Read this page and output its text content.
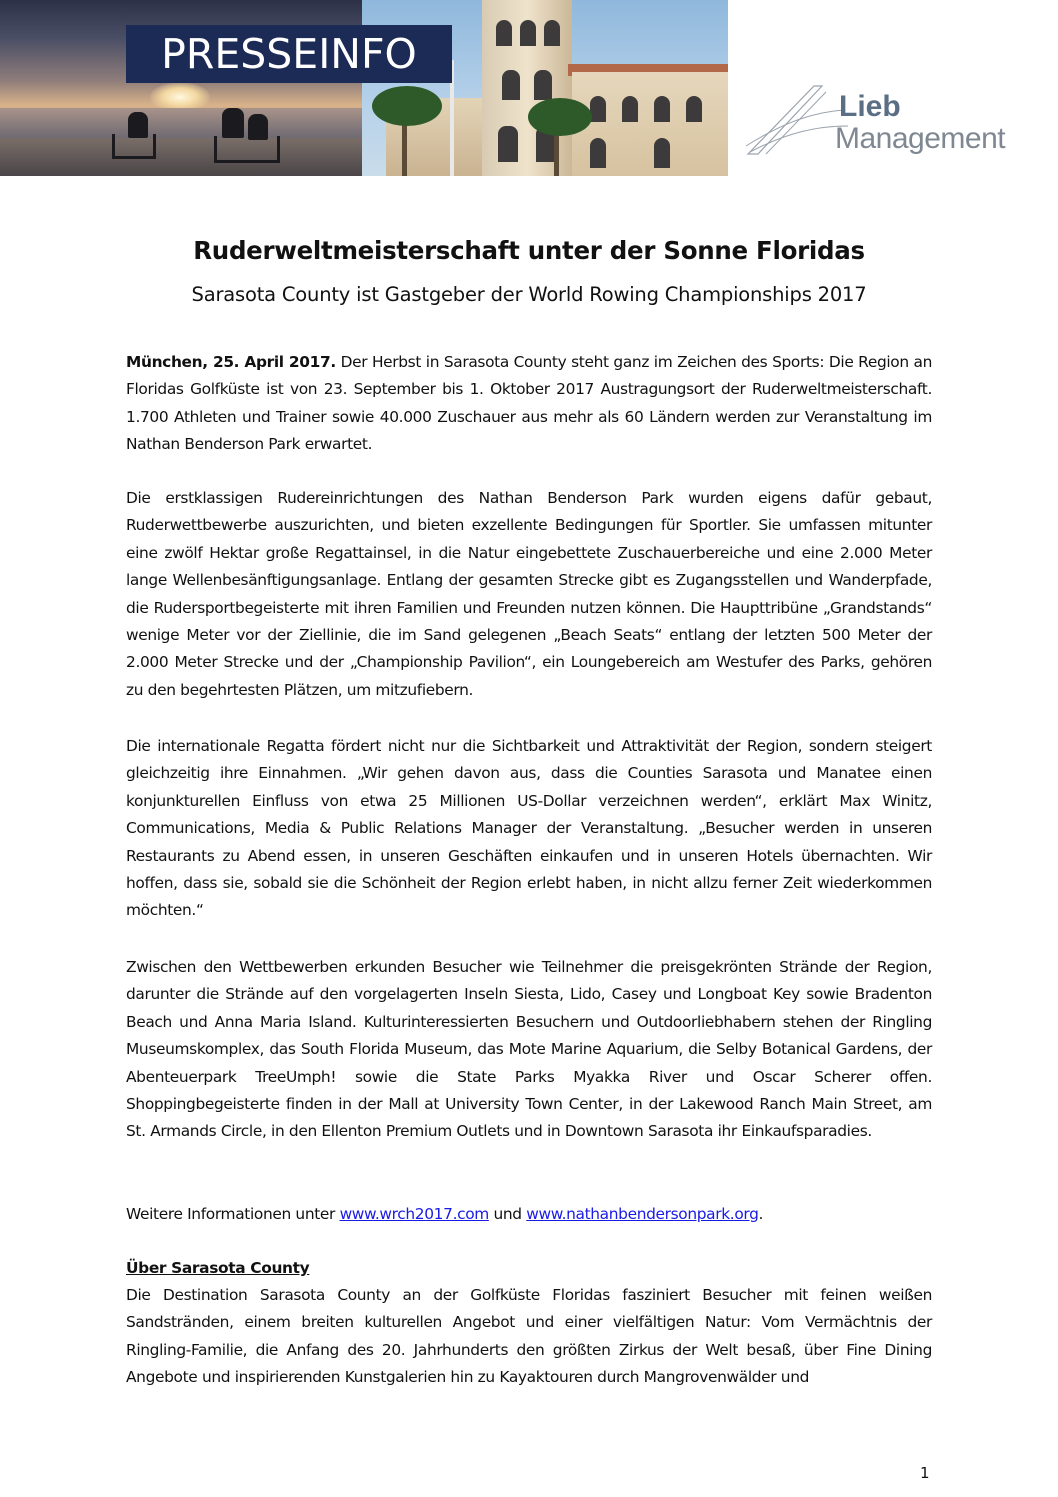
PRESSEINFO
Lieb
Management
Ruderweltmeisterschaft unter der Sonne Floridas
Sarasota County ist Gastgeber der World Rowing Championships 2017

München, 25. April 2017. Der Herbst in Sarasota County steht ganz im Zeichen des Sports: Die Region an Floridas Golfküste ist von 23. September bis 1. Oktober 2017 Austragungsort der Ruderweltmeisterschaft. 1.700 Athleten und Trainer sowie 40.000 Zuschauer aus mehr als 60 Ländern werden zur Veranstaltung im Nathan Benderson Park erwartet.

Die erstklassigen Rudereinrichtungen des Nathan Benderson Park wurden eigens dafür gebaut, Ruderwettbewerbe auszurichten, und bieten exzellente Bedingungen für Sportler. Sie umfassen mitunter eine zwölf Hektar große Regattainsel, in die Natur eingebettete Zuschauerbereiche und eine 2.000 Meter lange Wellenbesänftigungsanlage. Entlang der gesamten Strecke gibt es Zugangsstellen und Wanderpfade, die Rudersportbegeisterte mit ihren Familien und Freunden nutzen können. Die Haupttribüne „Grandstands“ wenige Meter vor der Ziellinie, die im Sand gelegenen „Beach Seats“ entlang der letzten 500 Meter der 2.000 Meter Strecke und der „Championship Pavilion“, ein Loungebereich am Westufer des Parks, gehören zu den begehrtesten Plätzen, um mitzufiebern.

Die internationale Regatta fördert nicht nur die Sichtbarkeit und Attraktivität der Region, sondern steigert gleichzeitig ihre Einnahmen. „Wir gehen davon aus, dass die Counties Sarasota und Manatee einen konjunkturellen Einfluss von etwa 25 Millionen US-Dollar verzeichnen werden“, erklärt Max Winitz, Communications, Media & Public Relations Manager der Veranstaltung. „Besucher werden in unseren Restaurants zu Abend essen, in unseren Geschäften einkaufen und in unseren Hotels übernachten. Wir hoffen, dass sie, sobald sie die Schönheit der Region erlebt haben, in nicht allzu ferner Zeit wiederkommen möchten.“

Zwischen den Wettbewerben erkunden Besucher wie Teilnehmer die preisgekrönten Strände der Region, darunter die Strände auf den vorgelagerten Inseln Siesta, Lido, Casey und Longboat Key sowie Bradenton Beach und Anna Maria Island. Kulturinteressierten Besuchern und Outdoorliebhabern stehen der Ringling Museumskomplex, das South Florida Museum, das Mote Marine Aquarium, die Selby Botanical Gardens, der Abenteuerpark TreeUmph! sowie die State Parks Myakka River und Oscar Scherer offen. Shoppingbegeisterte finden in der Mall at University Town Center, in der Lakewood Ranch Main Street, am St. Armands Circle, in den Ellenton Premium Outlets und in Downtown Sarasota ihr Einkaufsparadies.

Weitere Informationen unter www.wrch2017.com und www.nathanbendersonpark.org.

Über Sarasota County

Die Destination Sarasota County an der Golfküste Floridas fasziniert Besucher mit feinen weißen Sandstränden, einem breiten kulturellen Angebot und einer vielfältigen Natur: Vom Vermächtnis der Ringling-Familie, die Anfang des 20. Jahrhunderts den größten Zirkus der Welt besaß, über Fine Dining Angebote und inspirierenden Kunstgalerien hin zu Kayaktouren durch Mangrovenwälder und

1
